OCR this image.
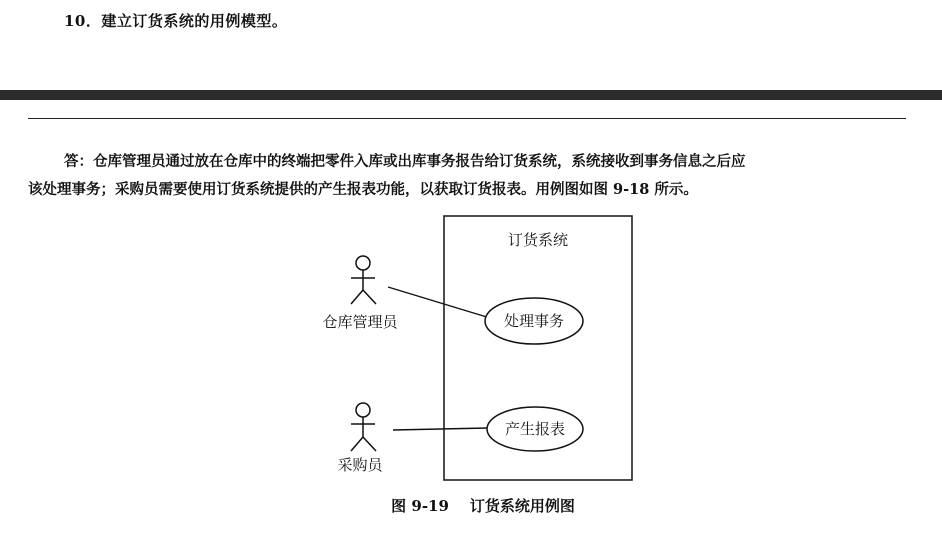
10．建立订货系统的用例模型。

答：仓库管理员通过放在仓库中的终端把零件入库或出库事务报告给订货系统，系统接收到事务信息之后应

该处理事务；采购员需要使用订货系统提供的产生报表功能，以获取订货报表。用例图如图 9-18 所示。

订货系统
仓库管理员
采购员
处理事务
产生报表
图 9-19    订货系统用例图
